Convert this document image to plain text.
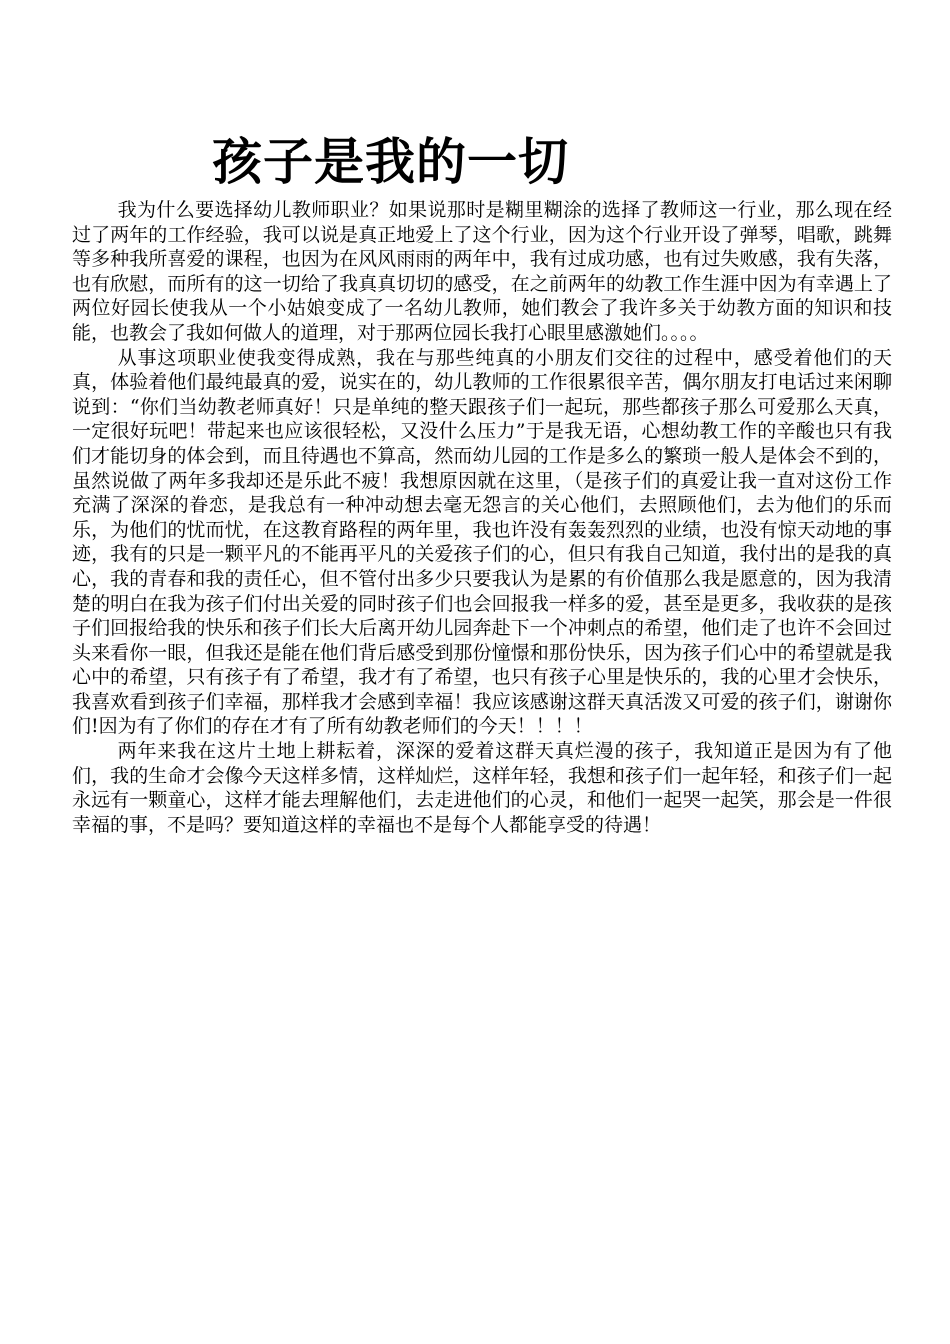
孩子是我的一切

我为什么要选择幼儿教师职业？如果说那时是糊里糊涂的选择了教师这一行业，那么现在经过了两年的工作经验，我可以说是真正地爱上了这个行业，因为这个行业开设了弹琴，唱歌，跳舞等多种我所喜爱的课程，也因为在风风雨雨的两年中，我有过成功感，也有过失败感，我有失落，也有欣慰，而所有的这一切给了我真真切切的感受，在之前两年的幼教工作生涯中因为有幸遇上了两位好园长使我从一个小姑娘变成了一名幼儿教师，她们教会了我许多关于幼教方面的知识和技能，也教会了我如何做人的道理，对于那两位园长我打心眼里感激她们。。。。

从事这项职业使我变得成熟，我在与那些纯真的小朋友们交往的过程中，感受着他们的天真，体验着他们最纯最真的爱，说实在的，幼儿教师的工作很累很辛苦，偶尔朋友打电话过来闲聊说到：“你们当幼教老师真好！只是单纯的整天跟孩子们一起玩，那些都孩子那么可爱那么天真，一定很好玩吧！带起来也应该很轻松，又没什么压力”于是我无语，心想幼教工作的辛酸也只有我们才能切身的体会到，而且待遇也不算高，然而幼儿园的工作是多么的繁琐一般人是体会不到的，虽然说做了两年多我却还是乐此不疲！我想原因就在这里，（是孩子们的真爱让我一直对这份工作充满了深深的眷恋，是我总有一种冲动想去毫无怨言的关心他们，去照顾他们，去为他们的乐而乐，为他们的忧而忧，在这教育路程的两年里，我也许没有轰轰烈烈的业绩，也没有惊天动地的事迹，我有的只是一颗平凡的不能再平凡的关爱孩子们的心，但只有我自己知道，我付出的是我的真心，我的青春和我的责任心，但不管付出多少只要我认为是累的有价值那么我是愿意的，因为我清楚的明白在我为孩子们付出关爱的同时孩子们也会回报我一样多的爱，甚至是更多，我收获的是孩子们回报给我的快乐和孩子们长大后离开幼儿园奔赴下一个冲刺点的希望，他们走了也许不会回过头来看你一眼，但我还是能在他们背后感受到那份憧憬和那份快乐，因为孩子们心中的希望就是我心中的希望，只有孩子有了希望，我才有了希望，也只有孩子心里是快乐的，我的心里才会快乐，我喜欢看到孩子们幸福，那样我才会感到幸福！我应该感谢这群天真活泼又可爱的孩子们，谢谢你们!因为有了你们的存在才有了所有幼教老师们的今天！！！！

两年来我在这片土地上耕耘着，深深的爱着这群天真烂漫的孩子，我知道正是因为有了他们，我的生命才会像今天这样多情，这样灿烂，这样年轻，我想和孩子们一起年轻，和孩子们一起永远有一颗童心，这样才能去理解他们，去走进他们的心灵，和他们一起哭一起笑，那会是一件很幸福的事，不是吗？要知道这样的幸福也不是每个人都能享受的待遇！
